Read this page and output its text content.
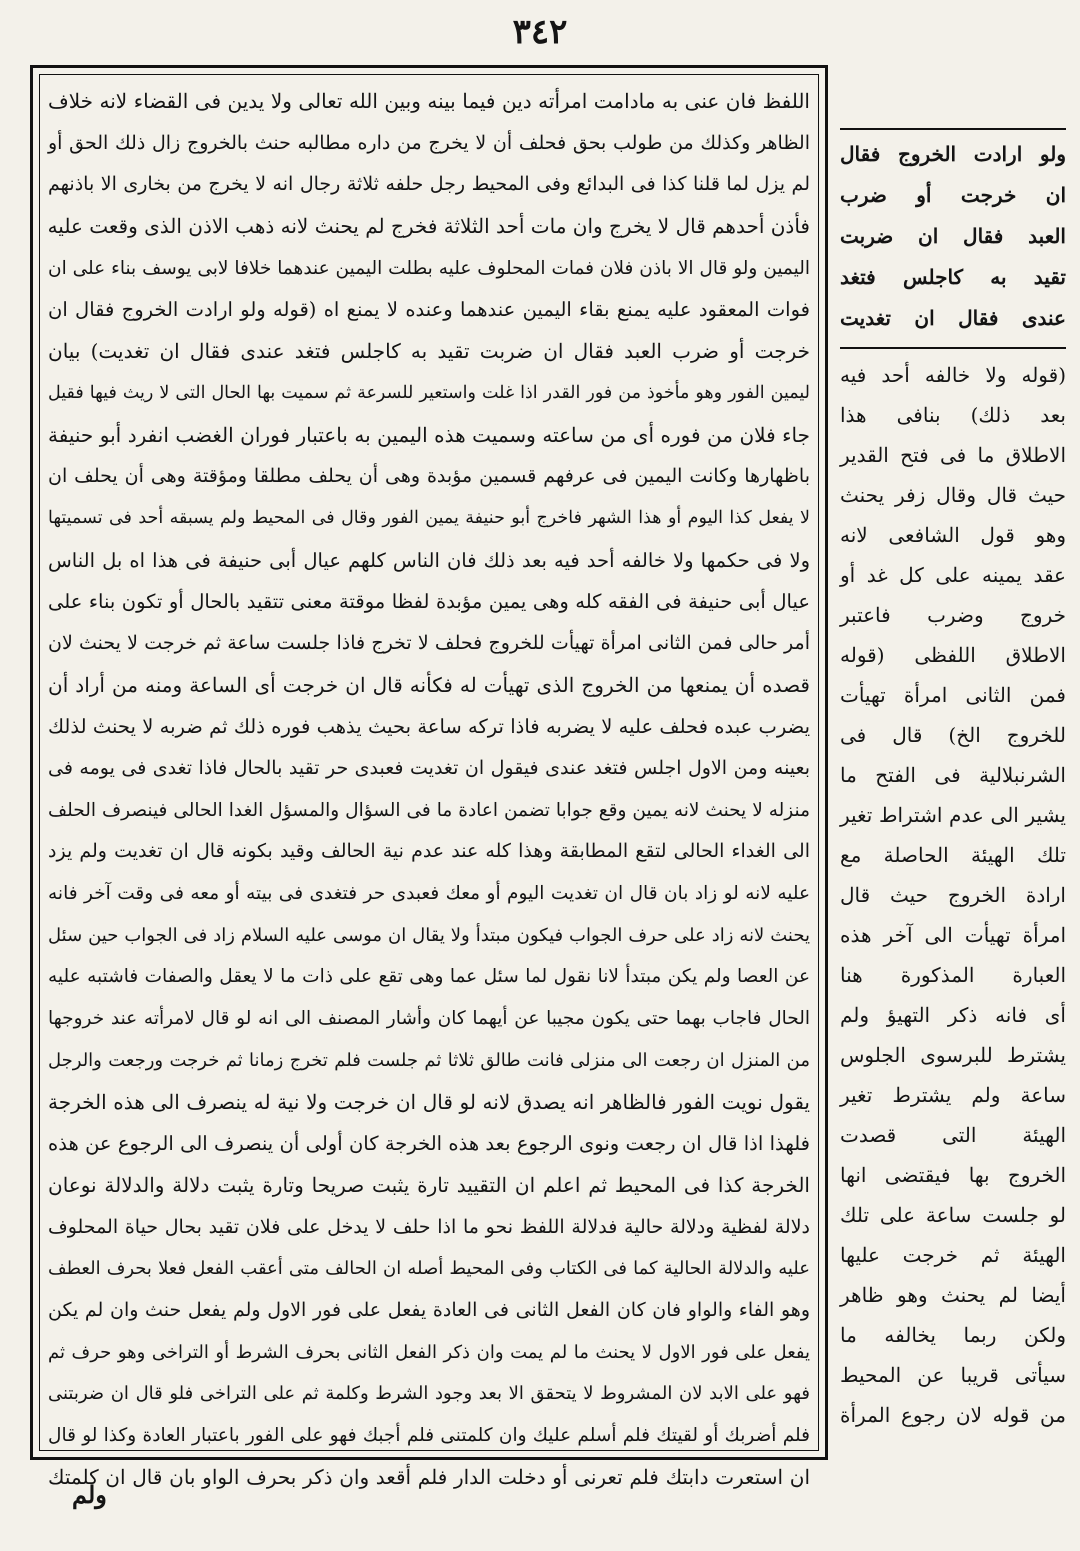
٣٤٢
اللفظ فان عنى به مادامت امرأته دين فيما بينه وبين الله تعالى ولا يدين فى القضاء لانه خلاف
الظاهر وكذلك من طولب بحق فحلف أن لا يخرج من داره مطالبه حنث بالخروج زال ذلك الحق أو
لم يزل لما قلنا كذا فى البدائع وفى المحيط رجل حلفه ثلاثة رجال انه لا يخرج من بخارى الا باذنهم
فأذن أحدهم قال لا يخرج وان مات أحد الثلاثة فخرج لم يحنث لانه ذهب الاذن الذى وقعت عليه
اليمين ولو قال الا باذن فلان فمات المحلوف عليه بطلت اليمين عندهما خلافا لابى يوسف بناء على ان
فوات المعقود عليه يمنع بقاء اليمين عندهما وعنده لا يمنع اه (قوله ولو ارادت الخروج فقال ان
خرجت أو ضرب العبد فقال ان ضربت تقيد به كاجلس فتغد عندى فقال ان تغديت) بيان
ليمين الفور وهو مأخوذ من فور القدر اذا غلت واستعير للسرعة ثم سميت بها الحال التى لا ريث فيها فقيل
جاء فلان من فوره أى من ساعته وسميت هذه اليمين به باعتبار فوران الغضب انفرد أبو حنيفة
باظهارها وكانت اليمين فى عرفهم قسمين مؤبدة وهى أن يحلف مطلقا ومؤقتة وهى أن يحلف ان
لا يفعل كذا اليوم أو هذا الشهر فاخرج أبو حنيفة يمين الفور وقال فى المحيط ولم يسبقه أحد فى تسميتها
ولا فى حكمها ولا خالفه أحد فيه بعد ذلك فان الناس كلهم عيال أبى حنيفة فى هذا اه بل الناس
عيال أبى حنيفة فى الفقه كله وهى يمين مؤبدة لفظا موقتة معنى تتقيد بالحال أو تكون بناء على
أمر حالى فمن الثانى امرأة تهيأت للخروج فحلف لا تخرج فاذا جلست ساعة ثم خرجت لا يحنث لان
قصده أن يمنعها من الخروج الذى تهيأت له فكأنه قال ان خرجت أى الساعة ومنه من أراد أن
يضرب عبده فحلف عليه لا يضربه فاذا تركه ساعة بحيث يذهب فوره ذلك ثم ضربه لا يحنث لذلك
بعينه ومن الاول اجلس فتغد عندى فيقول ان تغديت فعبدى حر تقيد بالحال فاذا تغدى فى يومه فى
منزله لا يحنث لانه يمين وقع جوابا تضمن اعادة ما فى السؤال والمسؤل الغدا الحالى فينصرف الحلف
الى الغداء الحالى لتقع المطابقة وهذا كله عند عدم نية الحالف وقيد بكونه قال ان تغديت ولم يزد
عليه لانه لو زاد بان قال ان تغديت اليوم أو معك فعبدى حر فتغدى فى بيته أو معه فى وقت آخر فانه
يحنث لانه زاد على حرف الجواب فيكون مبتدأ ولا يقال ان موسى عليه السلام زاد فى الجواب حين سئل
عن العصا ولم يكن مبتدأ لانا نقول لما سئل عما وهى تقع على ذات ما لا يعقل والصفات فاشتبه عليه
الحال فاجاب بهما حتى يكون مجيبا عن أيهما كان وأشار المصنف الى انه لو قال لامرأته عند خروجها
من المنزل ان رجعت الى منزلى فانت طالق ثلاثا ثم جلست فلم تخرج زمانا ثم خرجت ورجعت والرجل
يقول نويت الفور فالظاهر انه يصدق لانه لو قال ان خرجت ولا نية له ينصرف الى هذه الخرجة
فلهذا اذا قال ان رجعت ونوى الرجوع بعد هذه الخرجة كان أولى أن ينصرف الى الرجوع عن هذه
الخرجة كذا فى المحيط ثم اعلم ان التقييد تارة يثبت صريحا وتارة يثبت دلالة والدلالة نوعان
دلالة لفظية ودلالة حالية فدلالة اللفظ نحو ما اذا حلف لا يدخل على فلان تقيد بحال حياة المحلوف
عليه والدلالة الحالية كما فى الكتاب وفى المحيط أصله ان الحالف متى أعقب الفعل فعلا بحرف العطف
وهو الفاء والواو فان كان الفعل الثانى فى العادة يفعل على فور الاول ولم يفعل حنث وان لم يكن
يفعل على فور الاول لا يحنث ما لم يمت وان ذكر الفعل الثانى بحرف الشرط أو التراخى وهو حرف ثم
فهو على الابد لان المشروط لا يتحقق الا بعد وجود الشرط وكلمة ثم على التراخى فلو قال ان ضربتنى
فلم أضربك أو لقيتك فلم أسلم عليك وان كلمتنى فلم أجبك فهو على الفور باعتبار العادة وكذا لو قال
ان استعرت دابتك فلم تعرنى أو دخلت الدار فلم أقعد وان ذكر بحرف الواو بان قال ان كلمتك
ولو ارادت الخروج فقال
ان خرجت أو ضرب
العبد فقال ان ضربت
تقيد به كاجلس فتغد
عندى فقال ان تغديت
(قوله ولا خالفه أحد فيه
بعد ذلك) بنافى هذا
الاطلاق ما فى فتح القدير
حيث قال وقال زفر يحنث
وهو قول الشافعى لانه
عقد يمينه على كل غد أو
خروج وضرب فاعتبر
الاطلاق اللفظى (قوله
فمن الثانى امرأة تهيأت
للخروج الخ) قال فى
الشرنبلالية فى الفتح ما
يشير الى عدم اشتراط تغير
تلك الهيئة الحاصلة مع
ارادة الخروج حيث قال
امرأة تهيأت الى آخر هذه
العبارة المذكورة هنا
أى فانه ذكر التهيؤ ولم
يشترط للبرسوى الجلوس
ساعة ولم يشترط تغير
الهيئة التى قصدت
الخروج بها فيقتضى انها
لو جلست ساعة على تلك
الهيئة ثم خرجت عليها
أيضا لم يحنث وهو ظاهر
ولكن ربما يخالفه ما
سيأتى قريبا عن المحيط
من قوله لان رجوع المرأة
ولم
